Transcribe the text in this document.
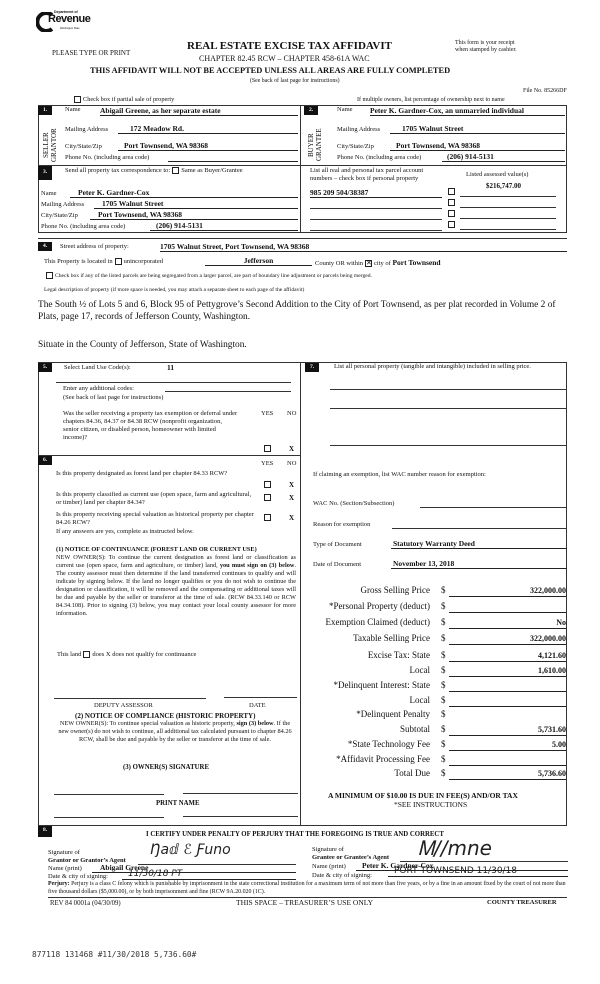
Department of
Revenue
Washington State
PLEASE TYPE OR PRINT
REAL ESTATE EXCISE TAX AFFIDAVIT
CHAPTER 82.45 RCW – CHAPTER 458-61A WAC
This form is your receipt
when stamped by cashier.
THIS AFFIDAVIT WILL NOT BE ACCEPTED UNLESS ALL AREAS ARE FULLY COMPLETED
(See back of last page for instructions)
File No. 85266DF
Check box if partial sale of property	If multiple owners, list percentage of ownership next to name
1.
SELLER GRANTOR
Name	Abigail Greene, as her separate estate
Mailing Address	172 Meadow Rd.
City/State/Zip	Port Townsend, WA 98368
Phone No. (including area code)
2.
BUYER GRANTEE
Name Peter K. Gardner-Cox, an unmarried individual
Mailing Address	1705 Walnut Street
City/State/Zip	Port Townsend, WA 98368
Phone No. (including area code)	(206) 914-5131
3.	Send all property tax correspondence to: Same as Buyer/Grantee
Name	Peter K. Gardner-Cox
Mailing Address	1705 Walnut Street
City/State/Zip	Port Townsend, WA 98368
Phone No. (including area code)	(206) 914-5131
List all real and personal tax parcel account
numbers – check box if personal property
Listed assessed value(s)
985 209 504/38387
$216,747.00
4.	Street address of property:	1705 Walnut Street, Port Townsend, WA 98368
This Property is located in unincorporated	Jefferson	County OR within ✕ city of Port Townsend
Check box if any of the listed parcels are being segregated from a larger parcel, are part of boundary line adjustment or parcels being merged.
Legal description of property (if more space is needed, you may attach a separate sheet to each page of the affidavit)
The South ½ of Lots 5 and 6, Block 95 of Pettygrove’s Second Addition to the City of Port Townsend, as per plat recorded in Volume 2 of Plats, page 17, records of Jefferson County, Washington.
Situate in the County of Jefferson, State of Washington.
5.	Select Land Use Code(s):	11
Enter any additional codes:
(See back of last page for instructions)
Was the seller receiving a property tax exemption or deferral under chapters 84.36, 84.37 or 84.38 RCW (nonprofit organization, senior citizen, or disabled person, homeowner with limited income)?
YES NO
X
6.	YES NO
Is this property designated as forest land per chapter 84.33 RCW?
X
Is this property classified as current use (open space, farm and agricultural, or timber) land per chapter 84.34?
X
Is this property receiving special valuation as historical property per chapter 84.26 RCW?
X
If any answers are yes, complete as instructed below.
(1) NOTICE OF CONTINUANCE (FOREST LAND OR CURRENT USE)
NEW OWNER(S): To continue the current designation as forest land or classification as current use (open space, farm and agriculture, or timber) land, you must sign on (3) below. The county assessor must then determine if the land transferred continues to qualify and will indicate by signing below. If the land no longer qualifies or you do not wish to continue the designation or classification, it will be removed and the compensating or additional taxes will be due and payable by the seller or transferor at the time of sale. (RCW 84.33.140 or RCW 84.34.108). Prior to signing (3) below, you may contact your local county assessor for more information.
This land does X does not qualify for continuance
DEPUTY ASSESSOR	DATE
(2) NOTICE OF COMPLIANCE (HISTORIC PROPERTY)
NEW OWNER(S): To continue special valuation as historic property, sign (3) below. If the new owner(s) do not wish to continue, all additional tax calculated pursuant to chapter 84.26 RCW, shall be due and payable by the seller or transferor at the time of sale.
(3) OWNER(S) SIGNATURE
PRINT NAME
7.	List all personal property (tangible and intangible) included in selling price.
If claiming an exemption, list WAC number reason for exemption:
WAC No. (Section/Subsection)
Reason for exemption
Type of Document	Statutory Warranty Deed
Date of Document	November 13, 2018
Gross Selling Price $	322,000.00
*Personal Property (deduct) $
Exemption Claimed (deduct) $	No
Taxable Selling Price $	322,000.00
Excise Tax: State $	4,121.60
Local $	1,610.00
*Delinquent Interest: State $
Local $
*Delinquent Penalty $
Subtotal $	5,731.60
*State Technology Fee $	5.00
*Affidavit Processing Fee $
Total Due $	5,736.60
A MINIMUM OF $10.00 IS DUE IN FEE(S) AND/OR TAX
*SEE INSTRUCTIONS
8.
I CERTIFY UNDER PENALTY OF PERJURY THAT THE FOREGOING IS TRUE AND CORRECT
Signature of
Grantor or Grantor’s Agent
Ŋaⅆ ℰ Ƒuno
Name (print)	Abigail Greene
Date & city of signing:	11/30/18 PT
Signature of
Grantee or Grantee’s Agent Ꮇ∕∕mne
Name (print)	Peter K. Gardner-Cox
Date & city of signing:	PORT TOWNSEND 11/30/18
Perjury: Perjury is a class C felony which is punishable by imprisonment in the state correctional institution for a maximum term of not more than five years, or by a fine in an amount fixed by the court of not more than five thousand dollars ($5,000.00), or by both imprisonment and fine (RCW 9A.20.020 (1C).
REV 84 0001a (04/30/09)	THIS SPACE – TREASURER’S USE ONLY	COUNTY TREASURER
877118 131468 #11/30/2018 5,736.60#
